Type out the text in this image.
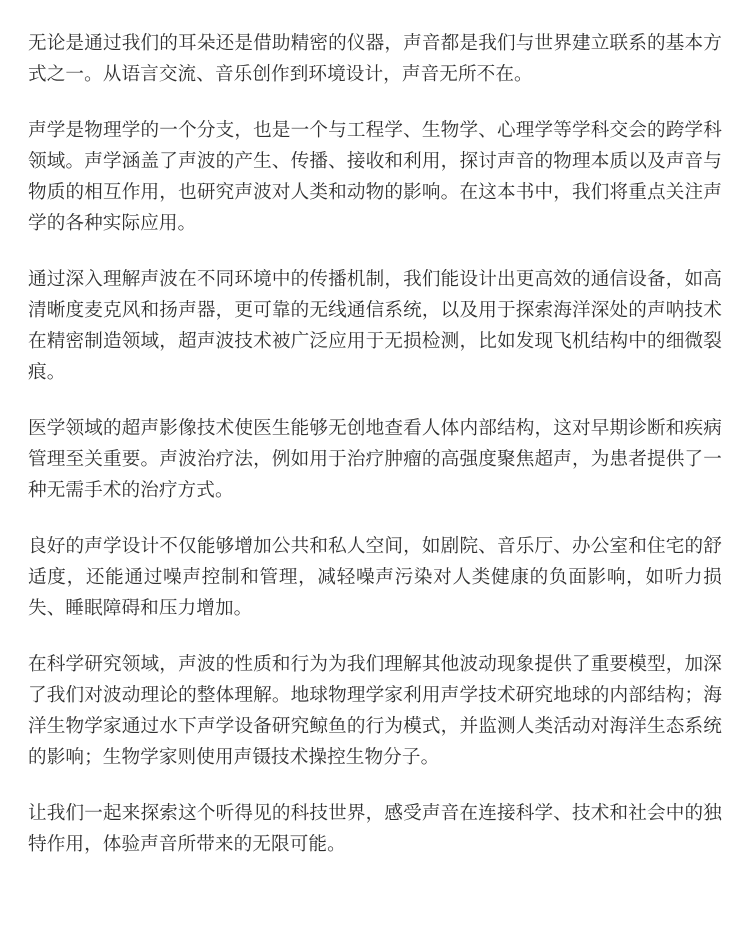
无论是通过我们的耳朵还是借助精密的仪器，声音都是我们与世界建立联系的基本方式之一。从语言交流、音乐创作到环境设计，声音无所不在。

声学是物理学的一个分支，也是一个与工程学、生物学、心理学等学科交会的跨学科领域。声学涵盖了声波的产生、传播、接收和利用，探讨声音的物理本质以及声音与物质的相互作用，也研究声波对人类和动物的影响。在这本书中，我们将重点关注声学的各种实际应用。

通过深入理解声波在不同环境中的传播机制，我们能设计出更高效的通信设备，如高清晰度麦克风和扬声器，更可靠的无线通信系统，以及用于探索海洋深处的声呐技术在精密制造领域，超声波技术被广泛应用于无损检测，比如发现飞机结构中的细微裂痕。

医学领域的超声影像技术使医生能够无创地查看人体内部结构，这对早期诊断和疾病管理至关重要。声波治疗法，例如用于治疗肿瘤的高强度聚焦超声，为患者提供了一种无需手术的治疗方式。

良好的声学设计不仅能够增加公共和私人空间，如剧院、音乐厅、办公室和住宅的舒适度，还能通过噪声控制和管理，减轻噪声污染对人类健康的负面影响，如听力损失、睡眠障碍和压力增加。

在科学研究领域，声波的性质和行为为我们理解其他波动现象提供了重要模型，加深了我们对波动理论的整体理解。地球物理学家利用声学技术研究地球的内部结构；海洋生物学家通过水下声学设备研究鲸鱼的行为模式，并监测人类活动对海洋生态系统的影响；生物学家则使用声镊技术操控生物分子。

让我们一起来探索这个听得见的科技世界，感受声音在连接科学、技术和社会中的独特作用，体验声音所带来的无限可能。
